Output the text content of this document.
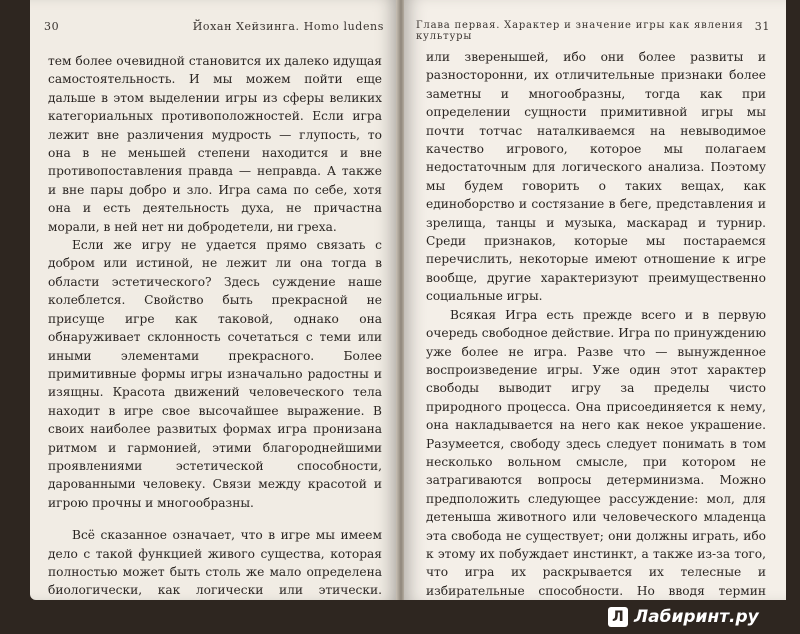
30	Йохан Хейзинга. Homo ludens

тем более очевидной становится их далеко идущая самостоятельность. И мы можем пойти еще дальше в этом выделении игры из сферы великих категориальных противоположностей. Если игра лежит вне различения мудрость — глупость, то она в не меньшей степени находится и вне противопоставления правда — неправда. А также и вне пары добро и зло. Игра сама по себе, хотя она и есть деятельность духа, не причастна морали, в ней нет ни добродетели, ни греха.

Если же игру не удается прямо связать с добром или истиной, не лежит ли она тогда в области эстетического? Здесь суждение наше колеблется. Свойство быть прекрасной не присуще игре как таковой, однако она обнаруживает склонность сочетаться с теми или иными элементами прекрасного. Более примитивные формы игры изначально радостны и изящны. Красота движений человеческого тела находит в игре свое высочайшее выражение. В своих наиболее развитых формах игра пронизана ритмом и гармонией, этими благороднейшими проявлениями эстетической способности, дарованными человеку. Связи между красотой и игрою прочны и многообразны.

Всё сказанное означает, что в игре мы имеем дело с такой функцией живого существа, которая полностью может быть столь же мало определена биологически, как логически или этически.

Глава первая. Характер и значение игры как явления культуры
31

или зверенышей, ибо они более развиты и разносторонни, их отличительные признаки более заметны и многообразны, тогда как при определении сущности примитивной игры мы почти тотчас наталкиваемся на невыводимое качество игрового, которое мы полагаем недостаточным для логического анализа. Поэтому мы будем говорить о таких вещах, как единоборство и состязание в беге, представления и зрелища, танцы и музыка, маскарад и турнир. Среди признаков, которые мы постараемся перечислить, некоторые имеют отношение к игре вообще, другие характеризуют преимущественно социальные игры.

Всякая Игра есть прежде всего и в первую очередь свободное действие. Игра по принуждению уже более не игра. Разве что — вынужденное воспроизведение игры. Уже один этот характер свободы выводит игру за пределы чисто природного процесса. Она присоединяется к нему, она накладывается на него как некое украшение. Разумеется, свободу здесь следует понимать в том несколько вольном смысле, при котором не затрагиваются вопросы детерминизма. Можно предположить следующее рассуждение: мол, для детеныша животного или человеческого младенца эта свобода не существует; они должны играть, ибо к этому их побуждает инстинкт, а также из-за того, что игра их раскрывается их телесные и избирательные способности. Но вводя термин

Л Лабиринт.ру
